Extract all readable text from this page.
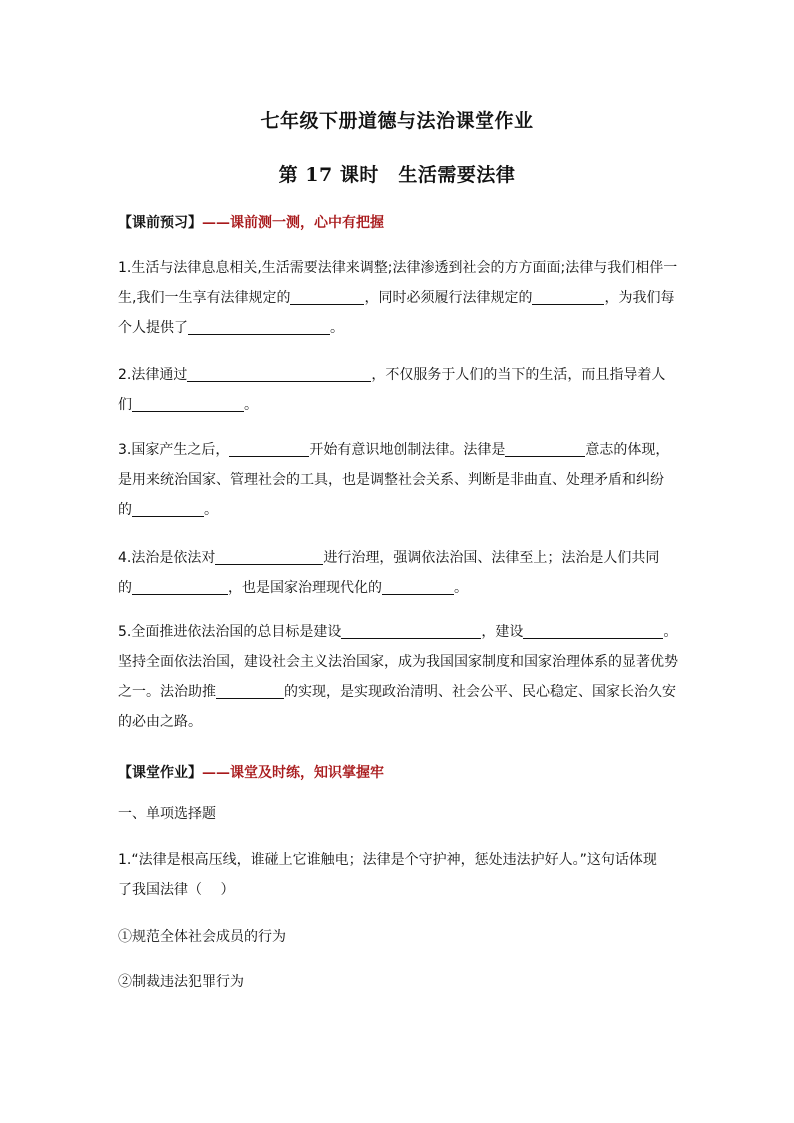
七年级下册道德与法治课堂作业
第 17 课时　生活需要法律
【课前预习】——课前测一测，心中有把握
1.生活与法律息息相关,生活需要法律来调整;法律渗透到社会的方方面面;法律与我们相伴一
生,我们一生享有法律规定的	，同时必须履行法律规定的	，为我们每
个人提供了	。
2.法律通过	，不仅服务于人们的当下的生活，而且指导着人
们	。
3.国家产生之后，	开始有意识地创制法律。法律是	意志的体现，
是用来统治国家、管理社会的工具，也是调整社会关系、判断是非曲直、处理矛盾和纠纷
的	。
4.法治是依法对	进行治理，强调依法治国、法律至上；法治是人们共同
的	，也是国家治理现代化的	。
5.全面推进依法治国的总目标是建设	，建设	。
坚持全面依法治国，建设社会主义法治国家，成为我国国家制度和国家治理体系的显著优势
之一。法治助推	的实现，是实现政治清明、社会公平、民心稳定、国家长治久安
的必由之路。
【课堂作业】——课堂及时练，知识掌握牢
一、单项选择题
1.“法律是根高压线，谁碰上它谁触电；法律是个守护神，惩处违法护好人。”这句话体现
了我国法律（　 ）
①规范全体社会成员的行为
②制裁违法犯罪行为
